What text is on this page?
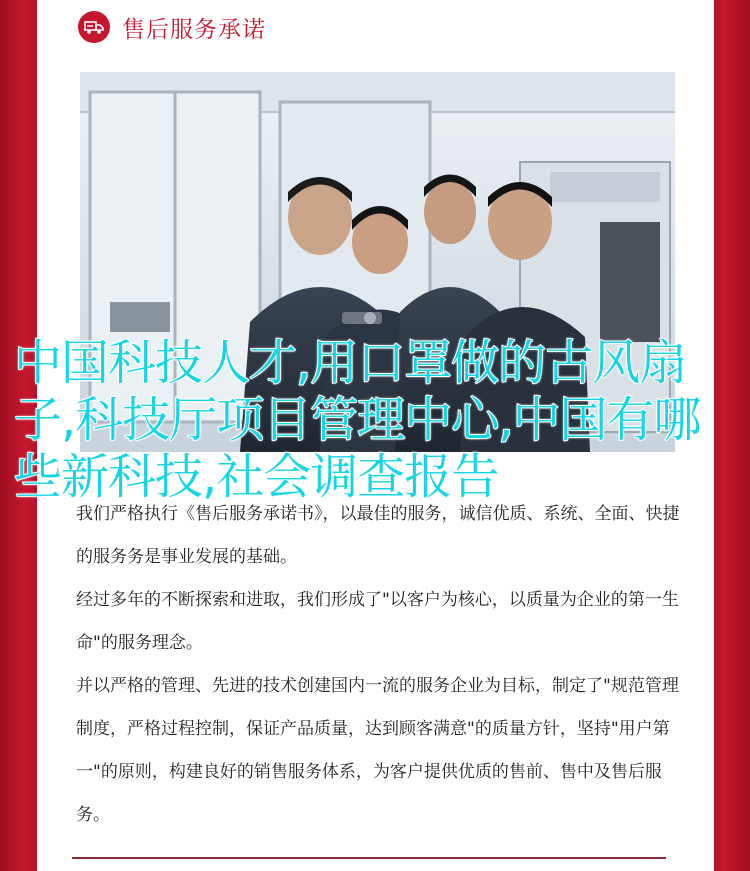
售后服务承诺
中国科技人才,用口罩做的古风扇子,科技厅项目管理中心,中国有哪些新科技,社会调查报告

我们严格执行《售后服务承诺书》，以最佳的服务，诚信优质、系统、全面、快捷的服务务是事业发展的基础。

经过多年的不断探索和进取，我们形成了"以客户为核心，以质量为企业的第一生命"的服务理念。

并以严格的管理、先进的技术创建国内一流的服务企业为目标，制定了"规范管理制度，严格过程控制，保证产品质量，达到顾客满意"的质量方针，坚持"用户第一"的原则，构建良好的销售服务体系，为客户提供优质的售前、售中及售后服务。
